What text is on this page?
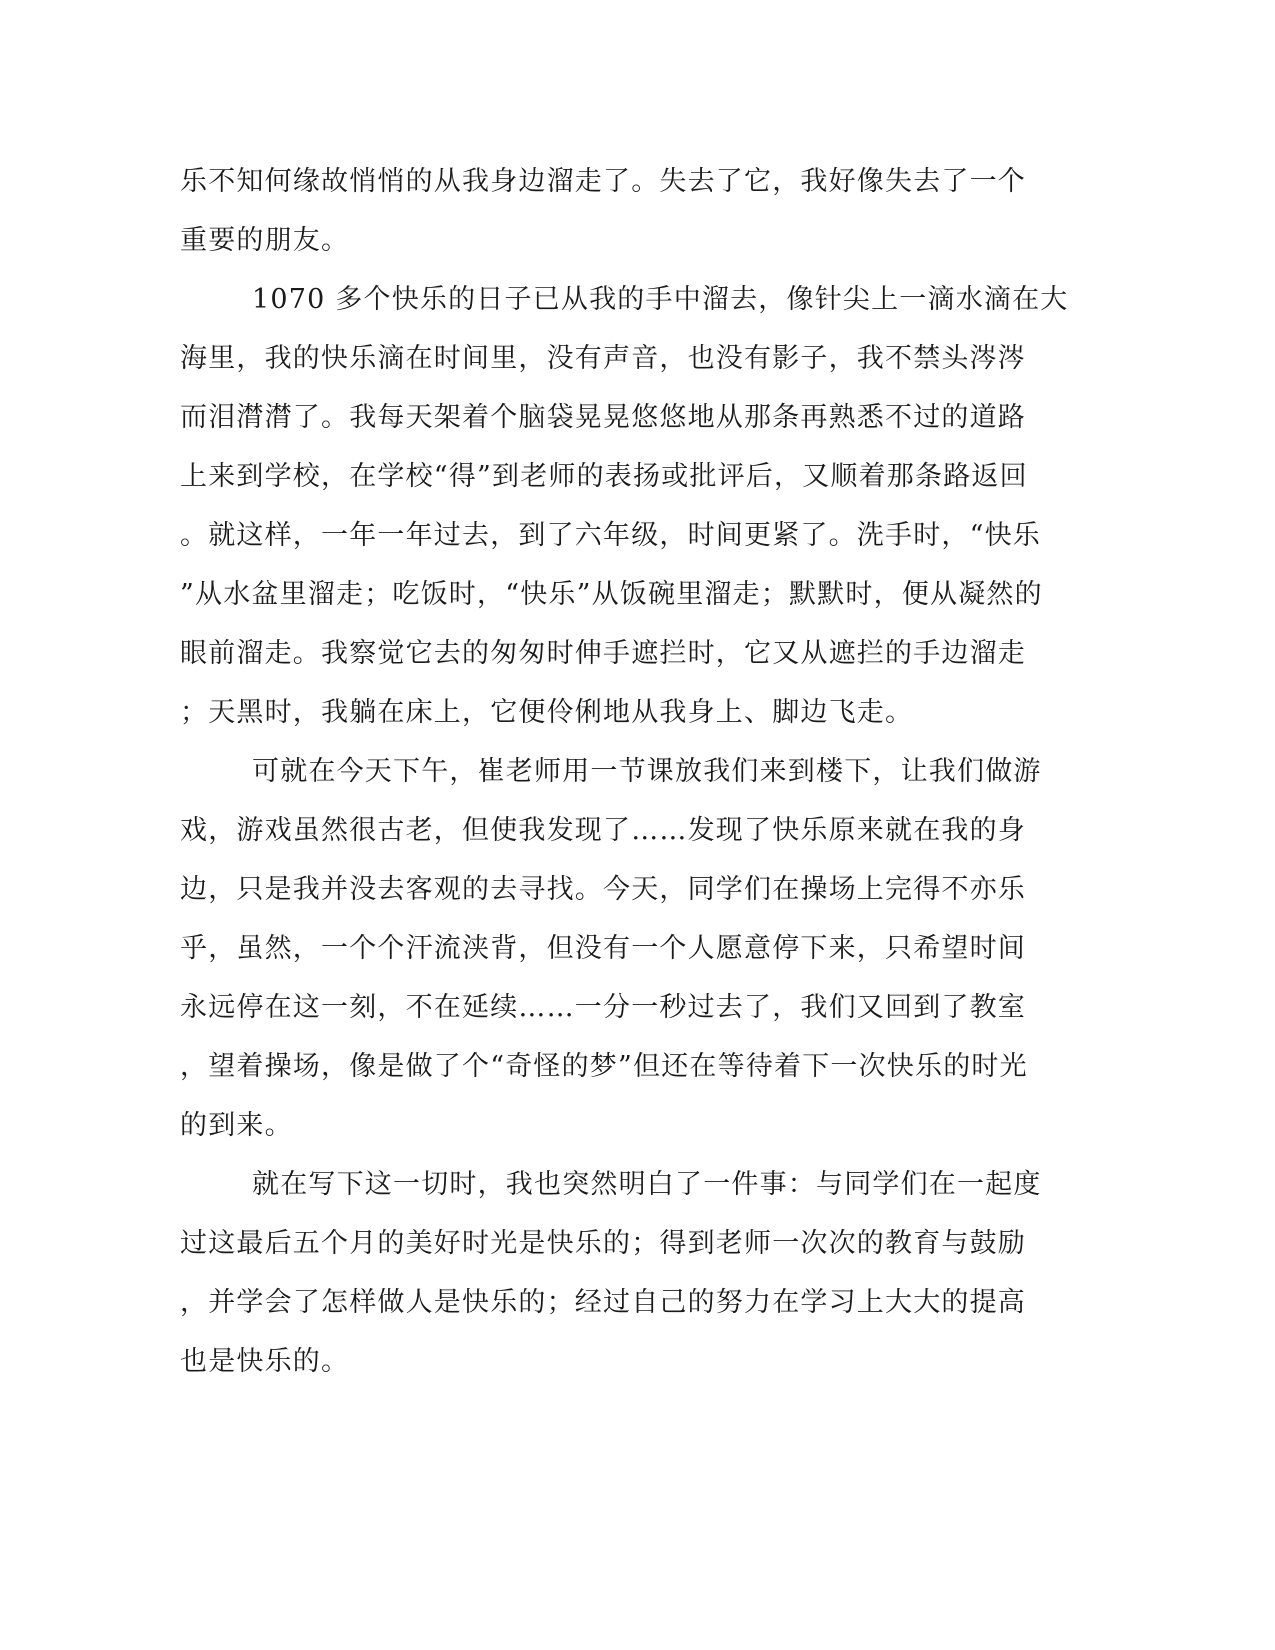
乐不知何缘故悄悄的从我身边溜走了。失去了它，我好像失去了一个
重要的朋友。
1070 多个快乐的日子已从我的手中溜去，像针尖上一滴水滴在大
海里，我的快乐滴在时间里，没有声音，也没有影子，我不禁头涔涔
而泪潸潸了。我每天架着个脑袋晃晃悠悠地从那条再熟悉不过的道路
上来到学校，在学校“得”到老师的表扬或批评后，又顺着那条路返回
。就这样，一年一年过去，到了六年级，时间更紧了。洗手时，“快乐
”从水盆里溜走；吃饭时，“快乐”从饭碗里溜走；默默时，便从凝然的
眼前溜走。我察觉它去的匆匆时伸手遮拦时，它又从遮拦的手边溜走
；天黑时，我躺在床上，它便伶俐地从我身上、脚边飞走。
可就在今天下午，崔老师用一节课放我们来到楼下，让我们做游
戏，游戏虽然很古老，但使我发现了……发现了快乐原来就在我的身
边，只是我并没去客观的去寻找。今天，同学们在操场上完得不亦乐
乎，虽然，一个个汗流浃背，但没有一个人愿意停下来，只希望时间
永远停在这一刻，不在延续……一分一秒过去了，我们又回到了教室
，望着操场，像是做了个“奇怪的梦”但还在等待着下一次快乐的时光
的到来。
就在写下这一切时，我也突然明白了一件事：与同学们在一起度
过这最后五个月的美好时光是快乐的；得到老师一次次的教育与鼓励
，并学会了怎样做人是快乐的；经过自己的努力在学习上大大的提高
也是快乐的。
